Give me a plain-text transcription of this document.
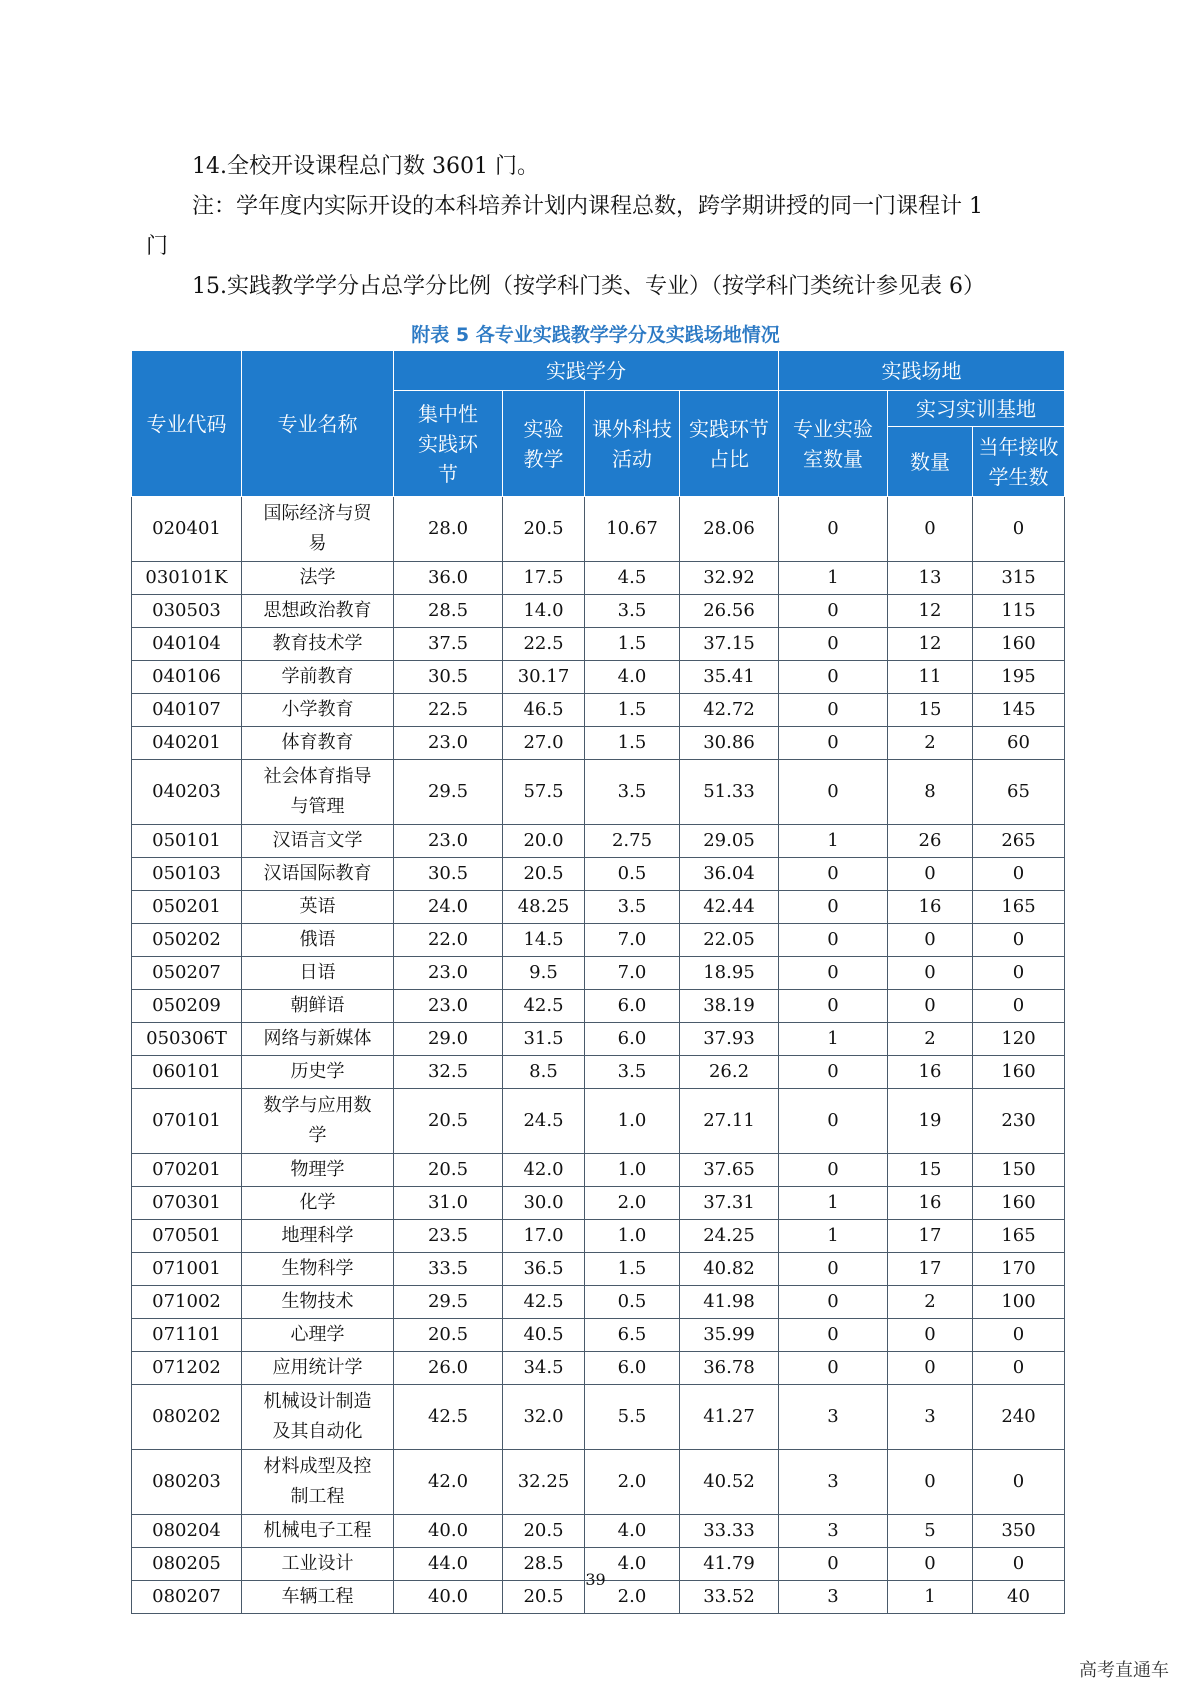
14.全校开设课程总门数 3601 门。
注：学年度内实际开设的本科培养计划内课程总数，跨学期讲授的同一门课程计 1
门
15.实践教学学分占总学分比例（按学科门类、专业）（按学科门类统计参见表 6）
附表 5 各专业实践教学学分及实践场地情况
专业代码	专业名称	实践学分				实践场地		
		集中性实践环节	实验教学	课外科技活动	实践环节占比	专业实验室数量	实习实训基地	
							数量	当年接收学生数
020401	国际经济与贸易	28.0	20.5	10.67	28.06	0	0	0
030101K	法学	36.0	17.5	4.5	32.92	1	13	315
030503	思想政治教育	28.5	14.0	3.5	26.56	0	12	115
040104	教育技术学	37.5	22.5	1.5	37.15	0	12	160
040106	学前教育	30.5	30.17	4.0	35.41	0	11	195
040107	小学教育	22.5	46.5	1.5	42.72	0	15	145
040201	体育教育	23.0	27.0	1.5	30.86	0	2	60
040203	社会体育指导与管理	29.5	57.5	3.5	51.33	0	8	65
050101	汉语言文学	23.0	20.0	2.75	29.05	1	26	265
050103	汉语国际教育	30.5	20.5	0.5	36.04	0	0	0
050201	英语	24.0	48.25	3.5	42.44	0	16	165
050202	俄语	22.0	14.5	7.0	22.05	0	0	0
050207	日语	23.0	9.5	7.0	18.95	0	0	0
050209	朝鲜语	23.0	42.5	6.0	38.19	0	0	0
050306T	网络与新媒体	29.0	31.5	6.0	37.93	1	2	120
060101	历史学	32.5	8.5	3.5	26.2	0	16	160
070101	数学与应用数学	20.5	24.5	1.0	27.11	0	19	230
070201	物理学	20.5	42.0	1.0	37.65	0	15	150
070301	化学	31.0	30.0	2.0	37.31	1	16	160
070501	地理科学	23.5	17.0	1.0	24.25	1	17	165
071001	生物科学	33.5	36.5	1.5	40.82	0	17	170
071002	生物技术	29.5	42.5	0.5	41.98	0	2	100
071101	心理学	20.5	40.5	6.5	35.99	0	0	0
071202	应用统计学	26.0	34.5	6.0	36.78	0	0	0
080202	机械设计制造及其自动化	42.5	32.0	5.5	41.27	3	3	240
080203	材料成型及控制工程	42.0	32.25	2.0	40.52	3	0	0
080204	机械电子工程	40.0	20.5	4.0	33.33	3	5	350
080205	工业设计	44.0	28.5	4.0	41.79	0	0	0
080207	车辆工程	40.0	20.5	2.0	33.52	3	1	40
39
高考直通车
